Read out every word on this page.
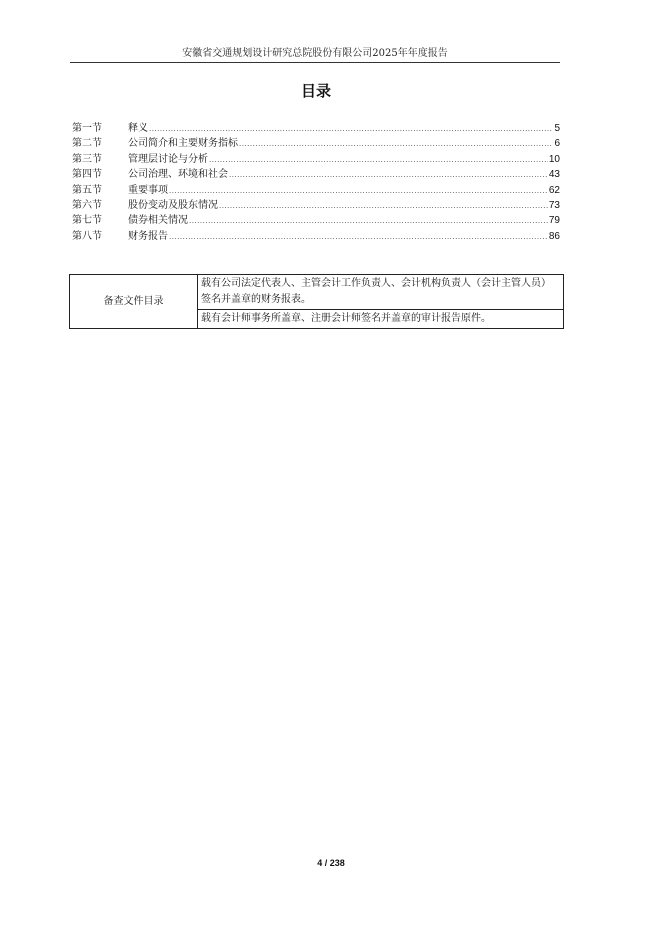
安徽省交通规划设计研究总院股份有限公司2025年年度报告
目录
第一节	释义 .....	5
第二节	公司简介和主要财务指标 .....	6
第三节	管理层讨论与分析 .....	10
第四节	公司治理、环境和社会 .....	43
第五节	重要事项 .....	62
第六节	股份变动及股东情况 .....	73
第七节	债券相关情况 .....	79
第八节	财务报告 .....	86
备查文件目录	载有公司法定代表人、主管会计工作负责人、会计机构负责人（会计主管人员）签名并盖章的财务报表。
载有会计师事务所盖章、注册会计师签名并盖章的审计报告原件。
4 / 238
